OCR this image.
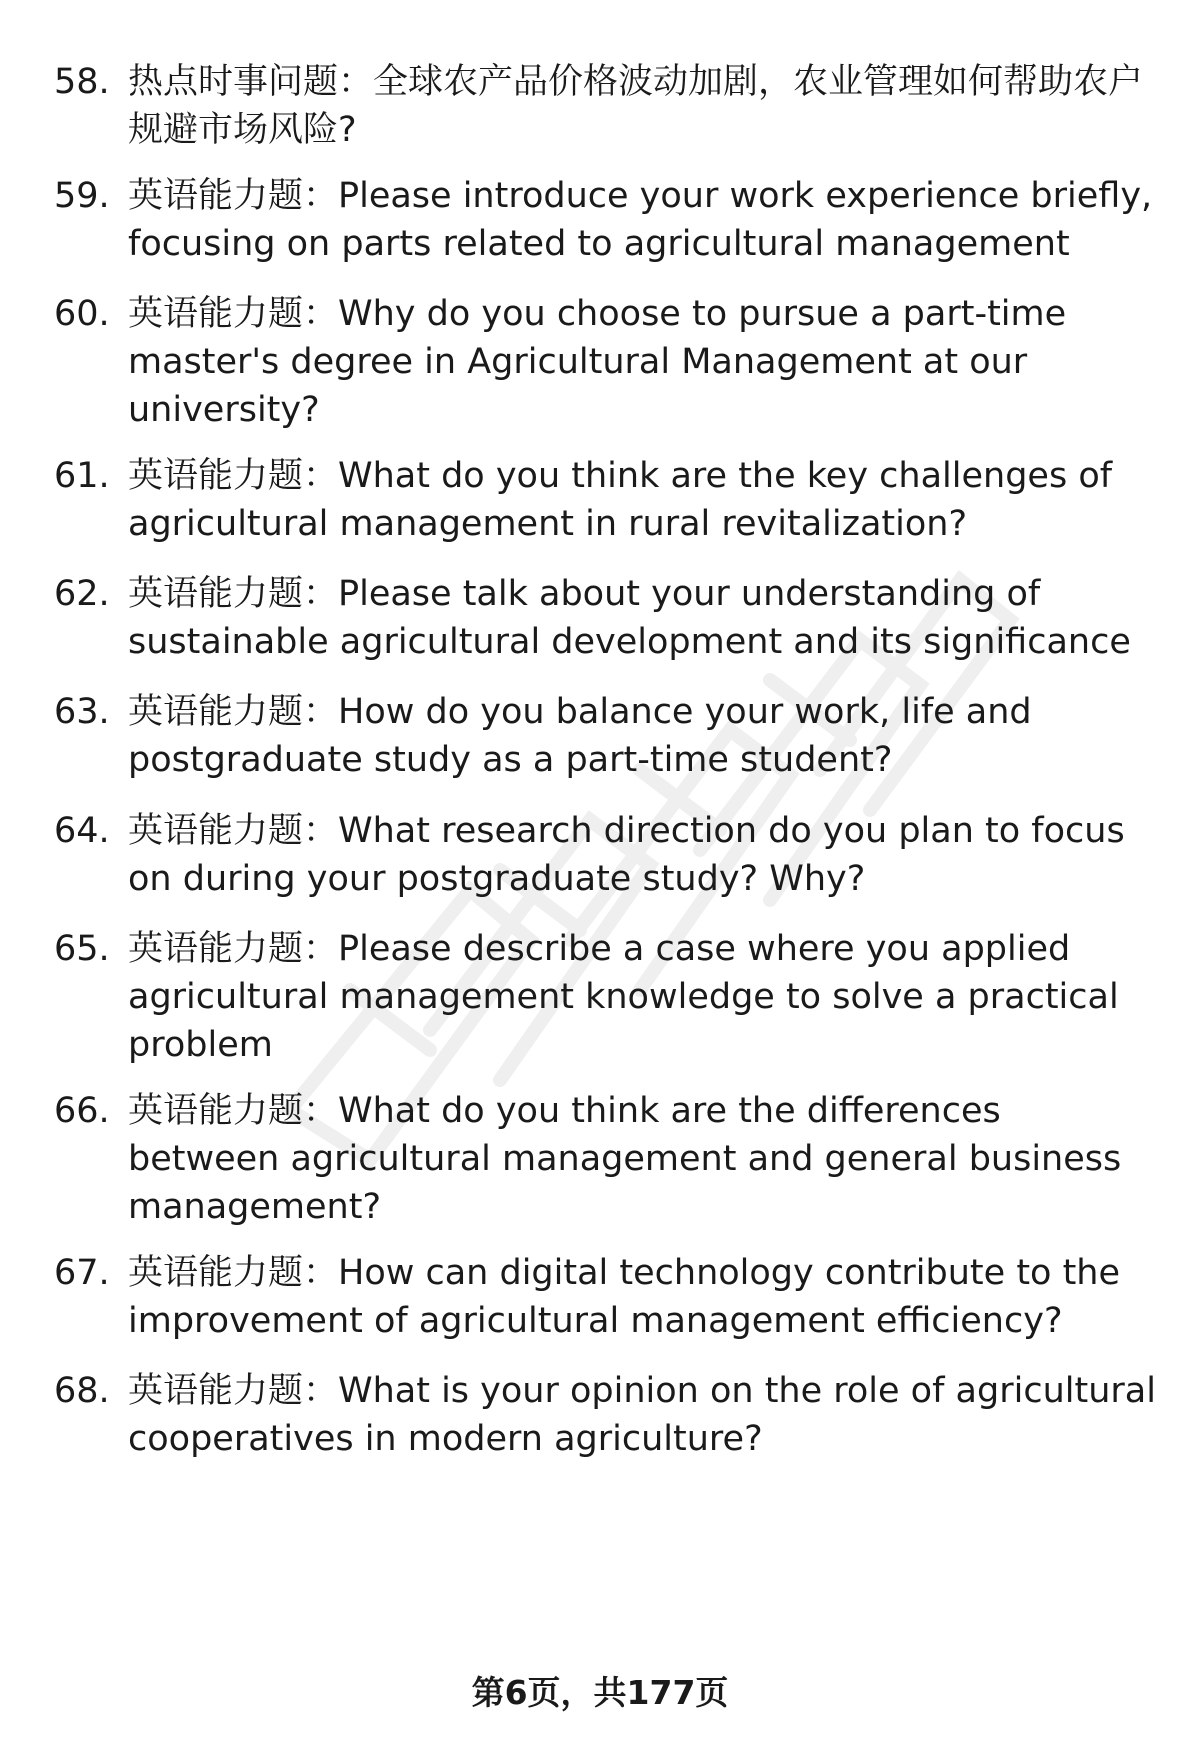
58. 热点时事问题：全球农产品价格波动加剧，农业管理如何帮助农户规避市场风险?
59. 英语能力题：Please introduce your work experience briefly, focusing on parts related to agricultural management
60. 英语能力题：Why do you choose to pursue a part-time master's degree in Agricultural Management at our university?
61. 英语能力题：What do you think are the key challenges of agricultural management in rural revitalization?
62. 英语能力题：Please talk about your understanding of sustainable agricultural development and its significance
63. 英语能力题：How do you balance your work, life and postgraduate study as a part-time student?
64. 英语能力题：What research direction do you plan to focus on during your postgraduate study? Why?
65. 英语能力题：Please describe a case where you applied agricultural management knowledge to solve a practical problem
66. 英语能力题：What do you think are the differences between agricultural management and general business management?
67. 英语能力题：How can digital technology contribute to the improvement of agricultural management efficiency?
68. 英语能力题：What is your opinion on the role of agricultural cooperatives in modern agriculture?
第6页，共177页
